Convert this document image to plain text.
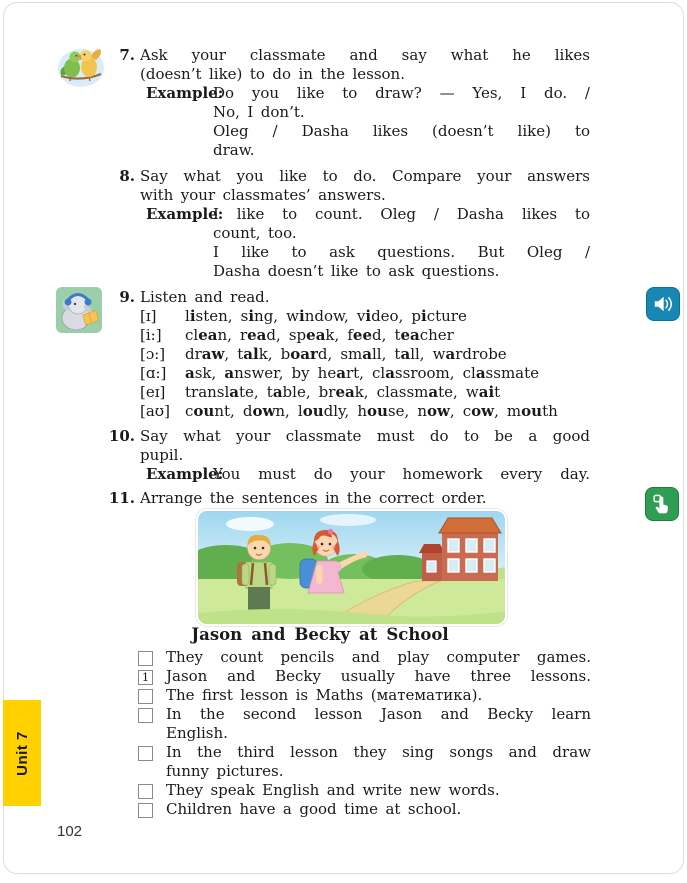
7. Ask your classmate and say what he likes
(doesn’t like) to do in the lesson.
Example:
Do you like to draw? — Yes, I do. /
No, I don’t.
Oleg / Dasha likes (doesn’t like) to
draw.
8. Say what you like to do. Compare your answers
with your classmates’ answers.
Example:
I like to count. Oleg / Dasha likes to
count, too.
I like to ask questions. But Oleg /
Dasha doesn’t like to ask questions.
9. Listen and read.
[ɪ]	listen, sing, window, video, picture
[i:]	clean, read, speak, feed, teacher
[ɔ:]	draw, talk, board, small, tall, wardrobe
[ɑ:]	ask, answer, by heart, classroom, classmate
[eɪ]	translate, table, break, classmate, wait
[aʊ]	count, down, loudly, house, now, cow, mouth
10. Say what your classmate must do to be a good
pupil.
Example:
You must do your homework every day.
11. Arrange the sentences in the correct order.
Jason and Becky at School
They count pencils and play computer games.
1 Jason and Becky usually have three lessons.
The first lesson is Maths (математика).
In the second lesson Jason and Becky learn
English.
In the third lesson they sing songs and draw
funny pictures.
They speak English and write new words.
Children have a good time at school.
Unit 7
102
